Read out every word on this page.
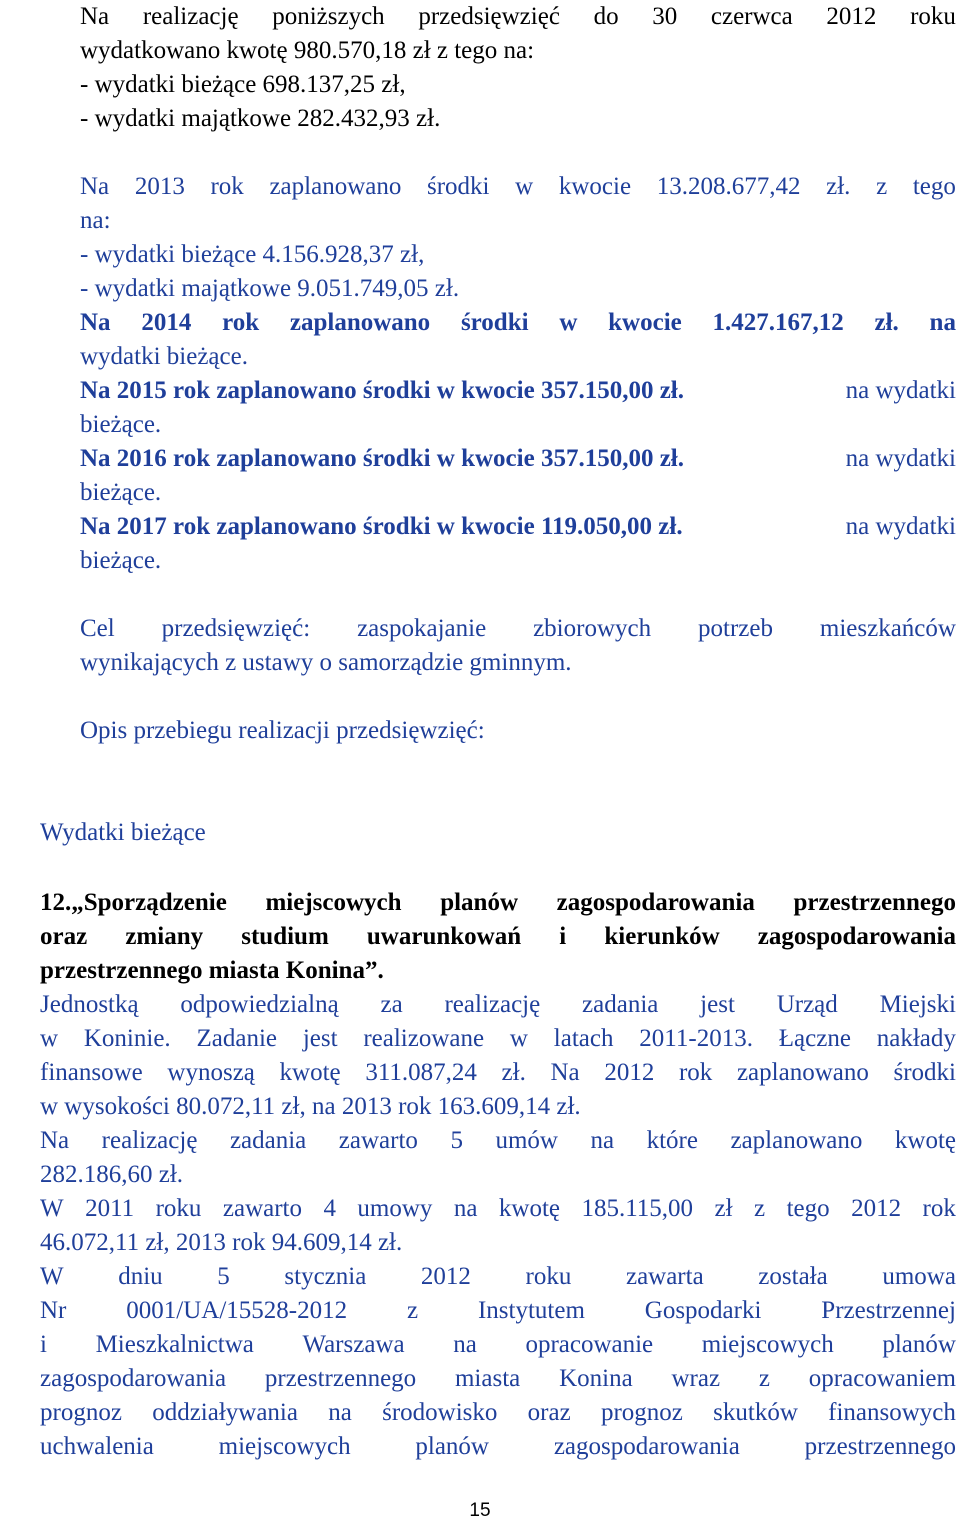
Na realizację poniższych przedsięwzięć do 30 czerwca 2012 roku
wydatkowano kwotę 980.570,18 zł z tego na:
- wydatki bieżące 698.137,25 zł,
- wydatki majątkowe 282.432,93 zł.
Na 2013 rok zaplanowano środki w kwocie 13.208.677,42 zł. z tego
na:
- wydatki bieżące 4.156.928,37 zł,
- wydatki majątkowe 9.051.749,05 zł.
Na 2014 rok zaplanowano środki w kwocie 1.427.167,12 zł. na
wydatki bieżące.
Na 2015 rok zaplanowano środki w kwocie 357.150,00 zł.	na wydatki
bieżące.
Na 2016 rok zaplanowano środki w kwocie 357.150,00 zł.	na wydatki
bieżące.
Na 2017 rok zaplanowano środki w kwocie 119.050,00 zł.	na wydatki
bieżące.
Cel przedsięwzięć: zaspokajanie zbiorowych potrzeb mieszkańców
wynikających z ustawy o samorządzie gminnym.
Opis przebiegu realizacji przedsięwzięć:
Wydatki bieżące
12.„Sporządzenie miejscowych planów zagospodarowania przestrzennego
oraz zmiany studium uwarunkowań i kierunków zagospodarowania
przestrzennego miasta Konina”.
Jednostką odpowiedzialną za realizację zadania jest Urząd Miejski
w Koninie. Zadanie jest realizowane w latach 2011-2013. Łączne nakłady
finansowe wynoszą kwotę 311.087,24 zł. Na 2012 rok zaplanowano środki
w wysokości 80.072,11 zł, na 2013 rok 163.609,14 zł.
Na realizację zadania zawarto 5 umów na które zaplanowano kwotę
282.186,60 zł.
W 2011 roku zawarto 4 umowy na kwotę 185.115,00 zł z tego 2012 rok
46.072,11 zł, 2013 rok 94.609,14 zł.
W dniu 5 stycznia 2012 roku zawarta została umowa
Nr 0001/UA/15528-2012 z Instytutem Gospodarki Przestrzennej
i Mieszkalnictwa Warszawa na opracowanie miejscowych planów
zagospodarowania przestrzennego miasta Konina wraz z opracowaniem
prognoz oddziaływania na środowisko oraz prognoz skutków finansowych
uchwalenia	miejscowych	planów	zagospodarowania	przestrzennego
15
